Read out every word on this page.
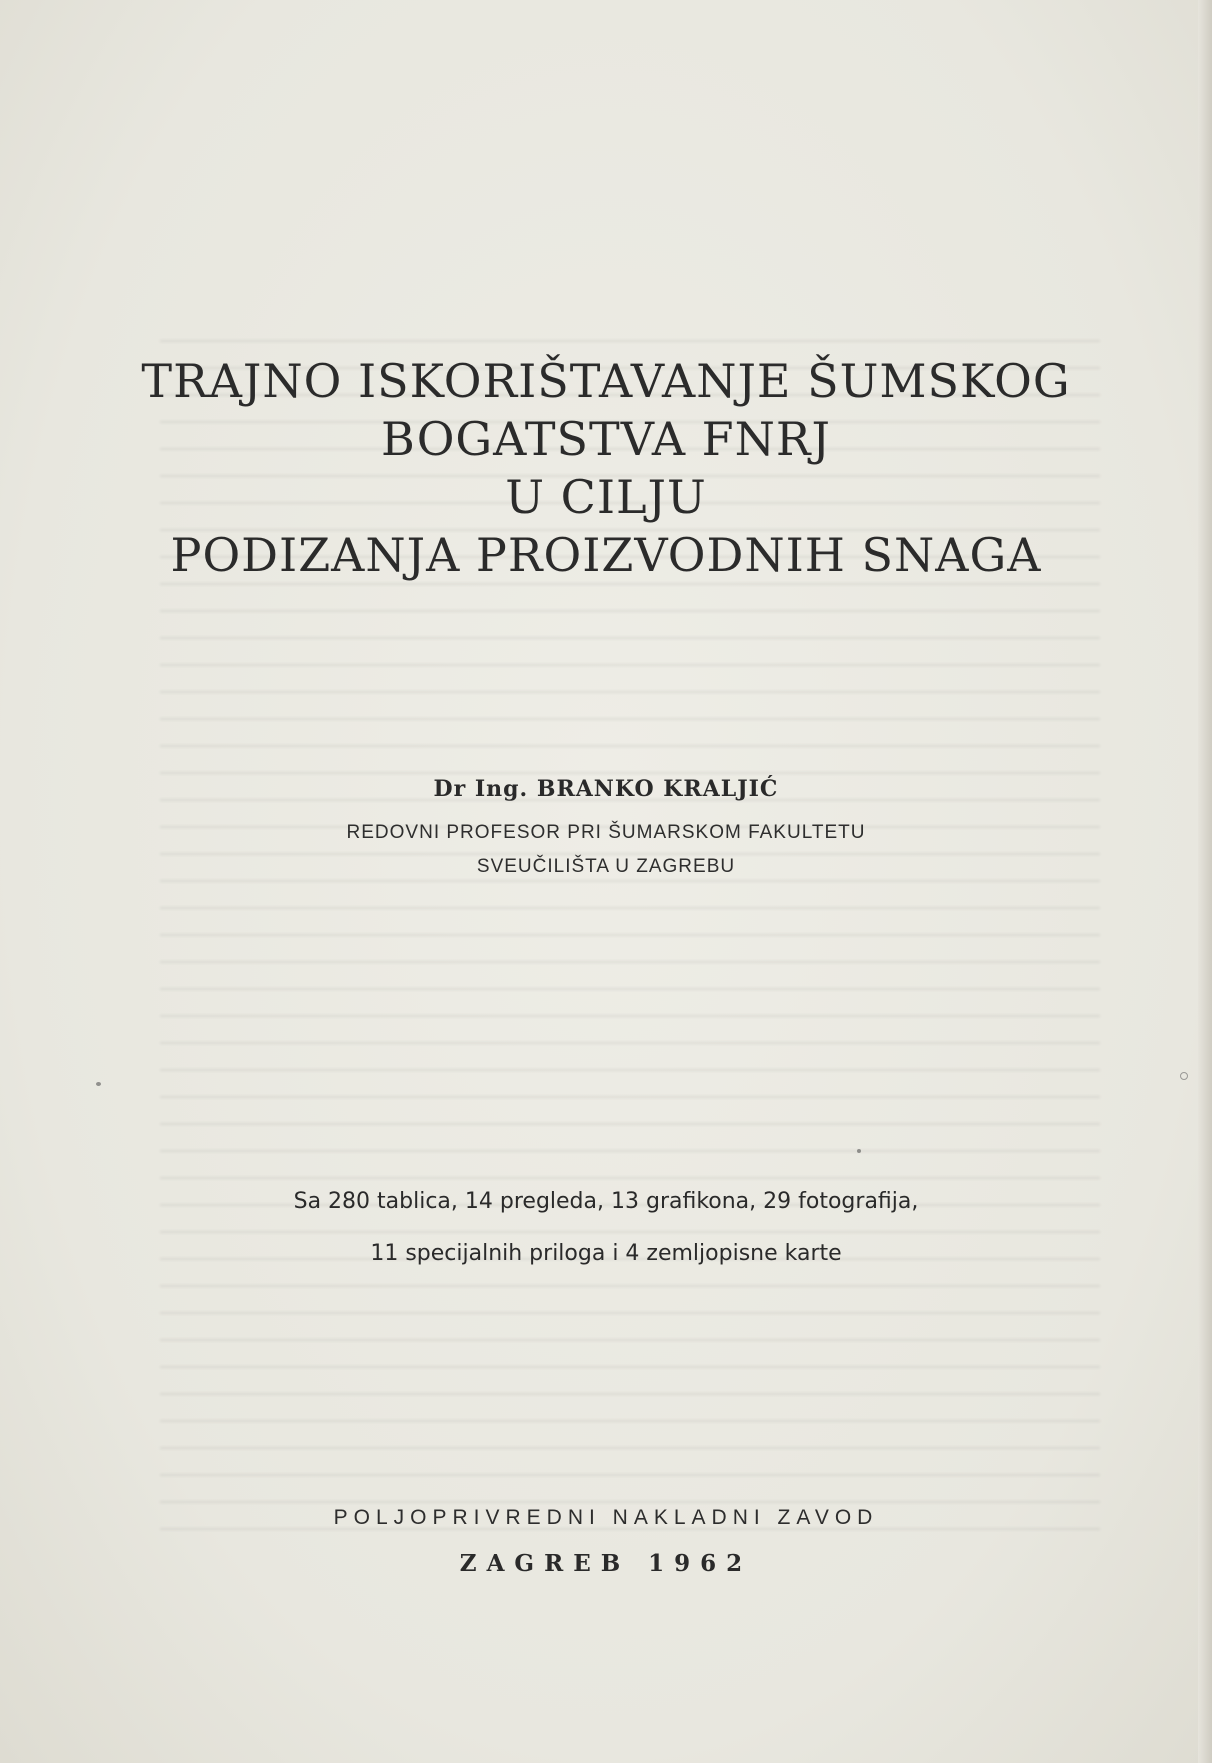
TRAJNO ISKORIŠTAVANJE ŠUMSKOG

BOGATSTVA FNRJ

U CILJU

PODIZANJA PROIZVODNIH SNAGA

Dr Ing. BRANKO KRALJIĆ

REDOVNI PROFESOR PRI ŠUMARSKOM FAKULTETU

SVEUČILIŠTA U ZAGREBU

Sa 280 tablica, 14 pregleda, 13 grafikona, 29 fotografija,

11 specijalnih priloga i 4 zemljopisne karte

POLJOPRIVREDNI NAKLADNI ZAVOD

ZAGREB 1962
